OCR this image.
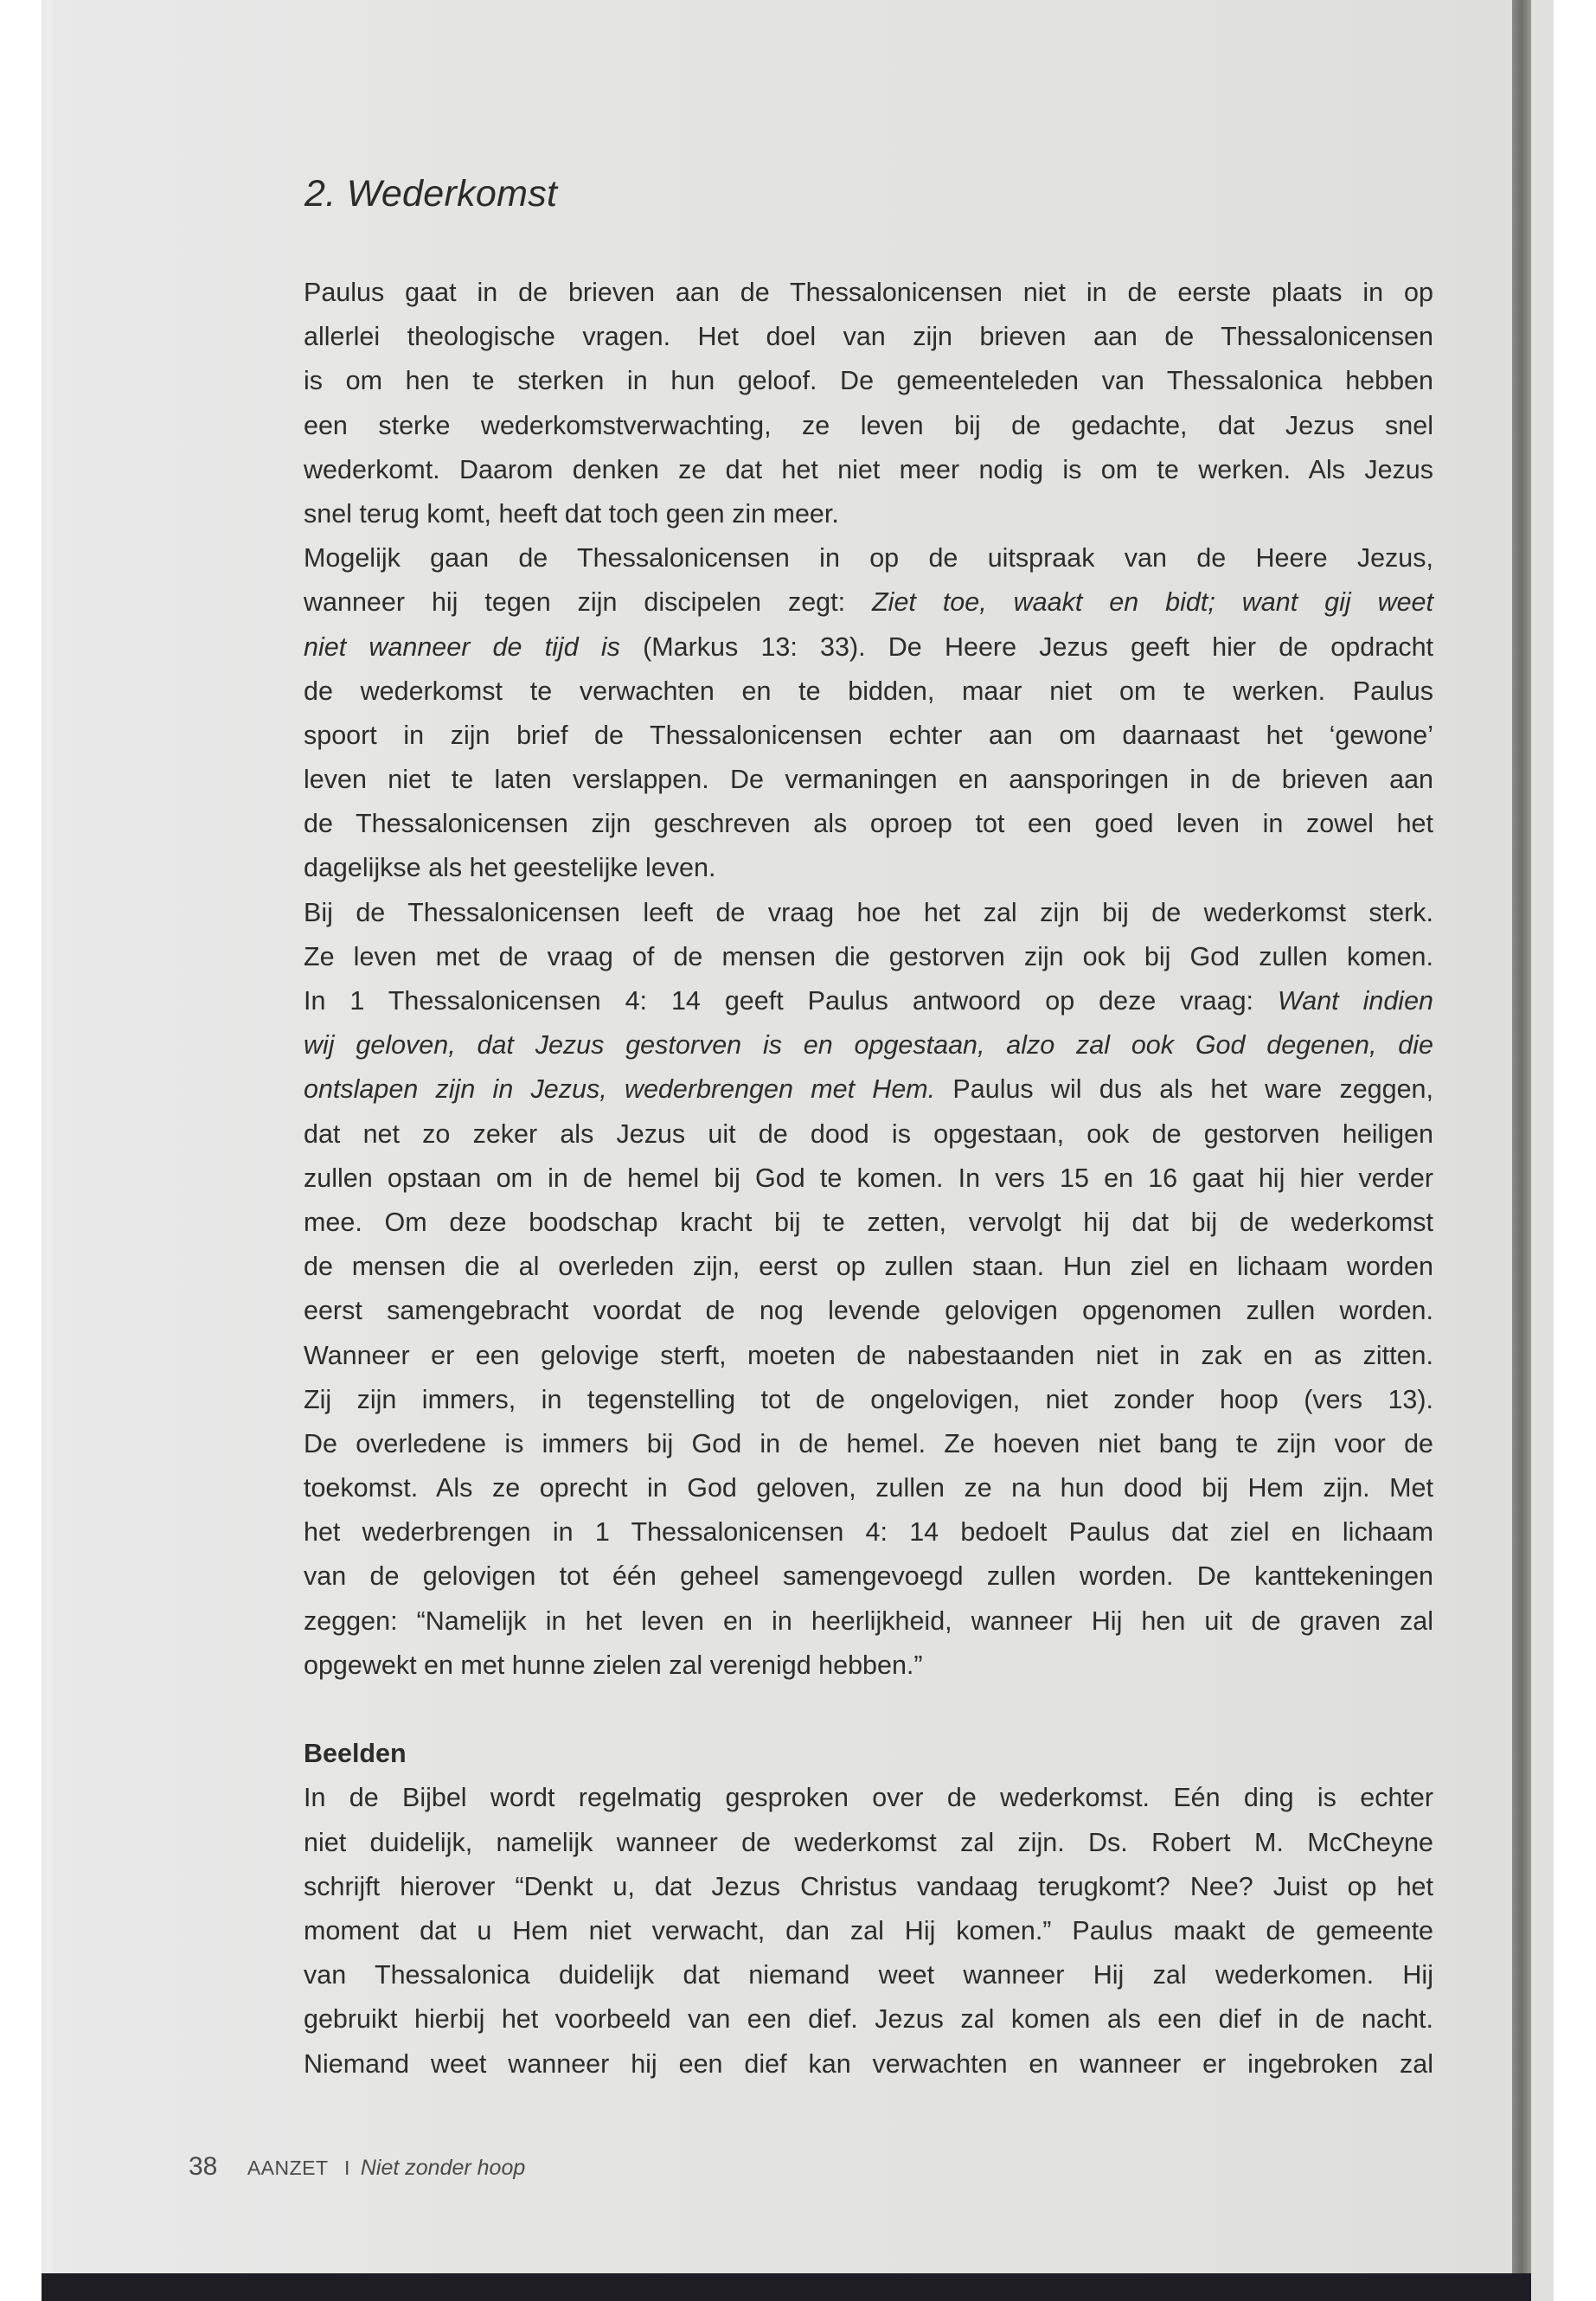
2. Wederkomst
Paulus gaat in de brieven aan de Thessalonicensen niet in de eerste plaats in op
allerlei theologische vragen. Het doel van zijn brieven aan de Thessalonicensen
is om hen te sterken in hun geloof. De gemeenteleden van Thessalonica hebben
een sterke wederkomstverwachting, ze leven bij de gedachte, dat Jezus snel
wederkomt. Daarom denken ze dat het niet meer nodig is om te werken. Als Jezus
snel terug komt, heeft dat toch geen zin meer.
Mogelijk gaan de Thessalonicensen in op de uitspraak van de Heere Jezus,
wanneer hij tegen zijn discipelen zegt: Ziet toe, waakt en bidt; want gij weet
niet wanneer de tijd is (Markus 13: 33). De Heere Jezus geeft hier de opdracht
de wederkomst te verwachten en te bidden, maar niet om te werken. Paulus
spoort in zijn brief de Thessalonicensen echter aan om daarnaast het ‘gewone’
leven niet te laten verslappen. De vermaningen en aansporingen in de brieven aan
de Thessalonicensen zijn geschreven als oproep tot een goed leven in zowel het
dagelijkse als het geestelijke leven.
Bij de Thessalonicensen leeft de vraag hoe het zal zijn bij de wederkomst sterk.
Ze leven met de vraag of de mensen die gestorven zijn ook bij God zullen komen.
In 1 Thessalonicensen 4: 14 geeft Paulus antwoord op deze vraag: Want indien
wij geloven, dat Jezus gestorven is en opgestaan, alzo zal ook God degenen, die
ontslapen zijn in Jezus, wederbrengen met Hem. Paulus wil dus als het ware zeggen,
dat net zo zeker als Jezus uit de dood is opgestaan, ook de gestorven heiligen
zullen opstaan om in de hemel bij God te komen. In vers 15 en 16 gaat hij hier verder
mee. Om deze boodschap kracht bij te zetten, vervolgt hij dat bij de wederkomst
de mensen die al overleden zijn, eerst op zullen staan. Hun ziel en lichaam worden
eerst samengebracht voordat de nog levende gelovigen opgenomen zullen worden.
Wanneer er een gelovige sterft, moeten de nabestaanden niet in zak en as zitten.
Zij zijn immers, in tegenstelling tot de ongelovigen, niet zonder hoop (vers 13).
De overledene is immers bij God in de hemel. Ze hoeven niet bang te zijn voor de
toekomst. Als ze oprecht in God geloven, zullen ze na hun dood bij Hem zijn. Met
het wederbrengen in 1 Thessalonicensen 4: 14 bedoelt Paulus dat ziel en lichaam
van de gelovigen tot één geheel samengevoegd zullen worden. De kanttekeningen
zeggen: “Namelijk in het leven en in heerlijkheid, wanneer Hij hen uit de graven zal
opgewekt en met hunne zielen zal verenigd hebben.”
Beelden
In de Bijbel wordt regelmatig gesproken over de wederkomst. Eén ding is echter
niet duidelijk, namelijk wanneer de wederkomst zal zijn. Ds. Robert M. McCheyne
schrijft hierover “Denkt u, dat Jezus Christus vandaag terugkomt? Nee? Juist op het
moment dat u Hem niet verwacht, dan zal Hij komen.” Paulus maakt de gemeente
van Thessalonica duidelijk dat niemand weet wanneer Hij zal wederkomen. Hij
gebruikt hierbij het voorbeeld van een dief. Jezus zal komen als een dief in de nacht.
Niemand weet wanneer hij een dief kan verwachten en wanneer er ingebroken zal
38 AANZET I Niet zonder hoop
